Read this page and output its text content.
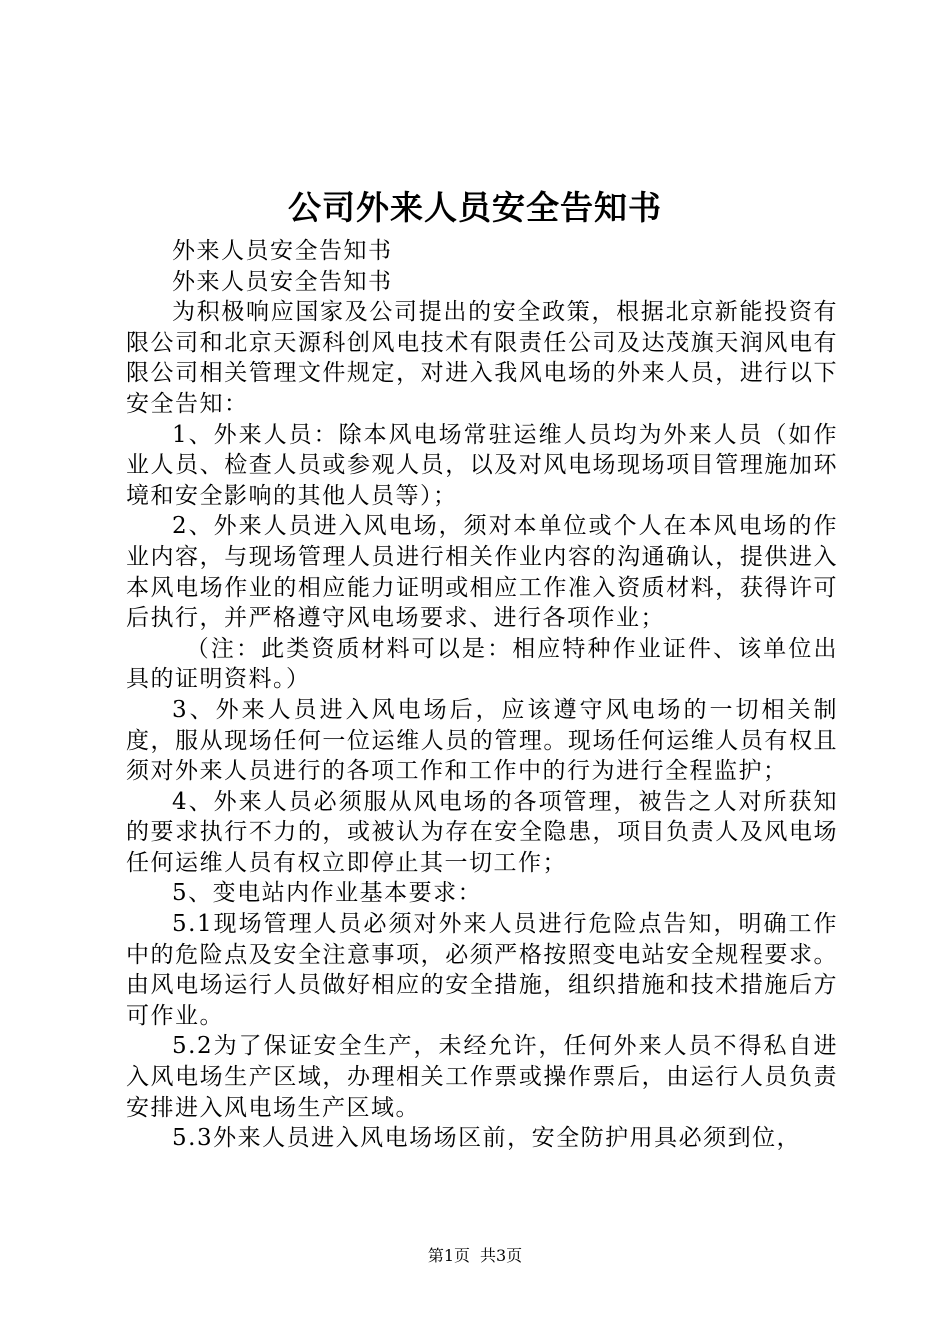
公司外来人员安全告知书

外来人员安全告知书

外来人员安全告知书

为积极响应国家及公司提出的安全政策，根据北京新能投资有限公司和北京天源科创风电技术有限责任公司及达茂旗天润风电有限公司相关管理文件规定，对进入我风电场的外来人员，进行以下安全告知：

1、外来人员：除本风电场常驻运维人员均为外来人员（如作业人员、检查人员或参观人员，以及对风电场现场项目管理施加环境和安全影响的其他人员等）；

2、外来人员进入风电场，须对本单位或个人在本风电场的作业内容，与现场管理人员进行相关作业内容的沟通确认，提供进入本风电场作业的相应能力证明或相应工作准入资质材料，获得许可后执行，并严格遵守风电场要求、进行各项作业；

（注：此类资质材料可以是：相应特种作业证件、该单位出具的证明资料。）

3、外来人员进入风电场后，应该遵守风电场的一切相关制度，服从现场任何一位运维人员的管理。现场任何运维人员有权且须对外来人员进行的各项工作和工作中的行为进行全程监护；

4、外来人员必须服从风电场的各项管理，被告之人对所获知的要求执行不力的，或被认为存在安全隐患，项目负责人及风电场任何运维人员有权立即停止其一切工作；

5、变电站内作业基本要求：

5.1现场管理人员必须对外来人员进行危险点告知，明确工作中的危险点及安全注意事项，必须严格按照变电站安全规程要求。由风电场运行人员做好相应的安全措施，组织措施和技术措施后方可作业。

5.2为了保证安全生产，未经允许，任何外来人员不得私自进入风电场生产区域，办理相关工作票或操作票后，由运行人员负责安排进入风电场生产区域。

5.3外来人员进入风电场场区前，安全防护用具必须到位，

第1页 共3页
